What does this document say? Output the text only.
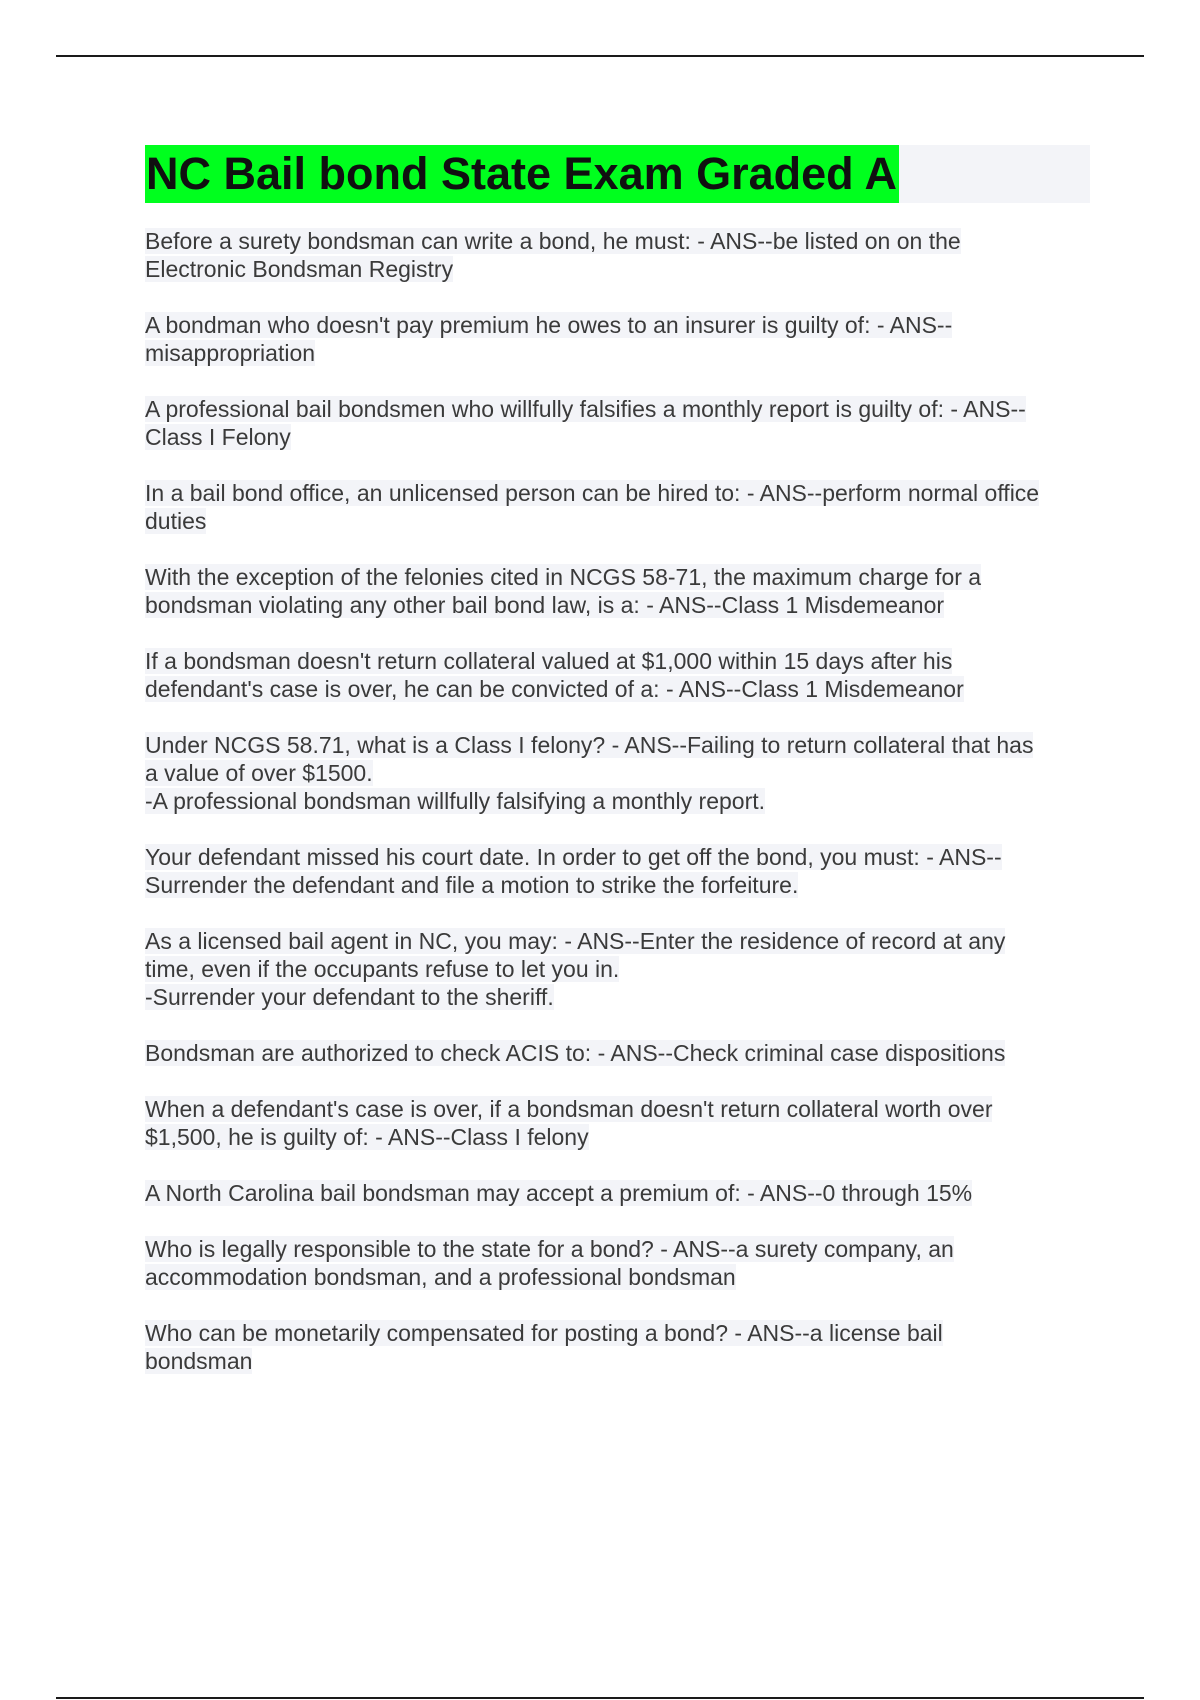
NC Bail bond State Exam Graded A
Before a surety bondsman can write a bond, he must: - ANS--be listed on on the
Electronic Bondsman Registry
A bondman who doesn't pay premium he owes to an insurer is guilty of: - ANS--
misappropriation
A professional bail bondsmen who willfully falsifies a monthly report is guilty of: - ANS--
Class I Felony
In a bail bond office, an unlicensed person can be hired to: - ANS--perform normal office
duties
With the exception of the felonies cited in NCGS 58-71, the maximum charge for a
bondsman violating any other bail bond law, is a: - ANS--Class 1 Misdemeanor
If a bondsman doesn't return collateral valued at $1,000 within 15 days after his
defendant's case is over, he can be convicted of a: - ANS--Class 1 Misdemeanor
Under NCGS 58.71, what is a Class I felony? - ANS--Failing to return collateral that has
a value of over $1500.
-A professional bondsman willfully falsifying a monthly report.
Your defendant missed his court date. In order to get off the bond, you must: - ANS--
Surrender the defendant and file a motion to strike the forfeiture.
As a licensed bail agent in NC, you may: - ANS--Enter the residence of record at any
time, even if the occupants refuse to let you in.
-Surrender your defendant to the sheriff.
Bondsman are authorized to check ACIS to: - ANS--Check criminal case dispositions
When a defendant's case is over, if a bondsman doesn't return collateral worth over
$1,500, he is guilty of: - ANS--Class I felony
A North Carolina bail bondsman may accept a premium of: - ANS--0 through 15%
Who is legally responsible to the state for a bond? - ANS--a surety company, an
accommodation bondsman, and a professional bondsman
Who can be monetarily compensated for posting a bond? - ANS--a license bail
bondsman
